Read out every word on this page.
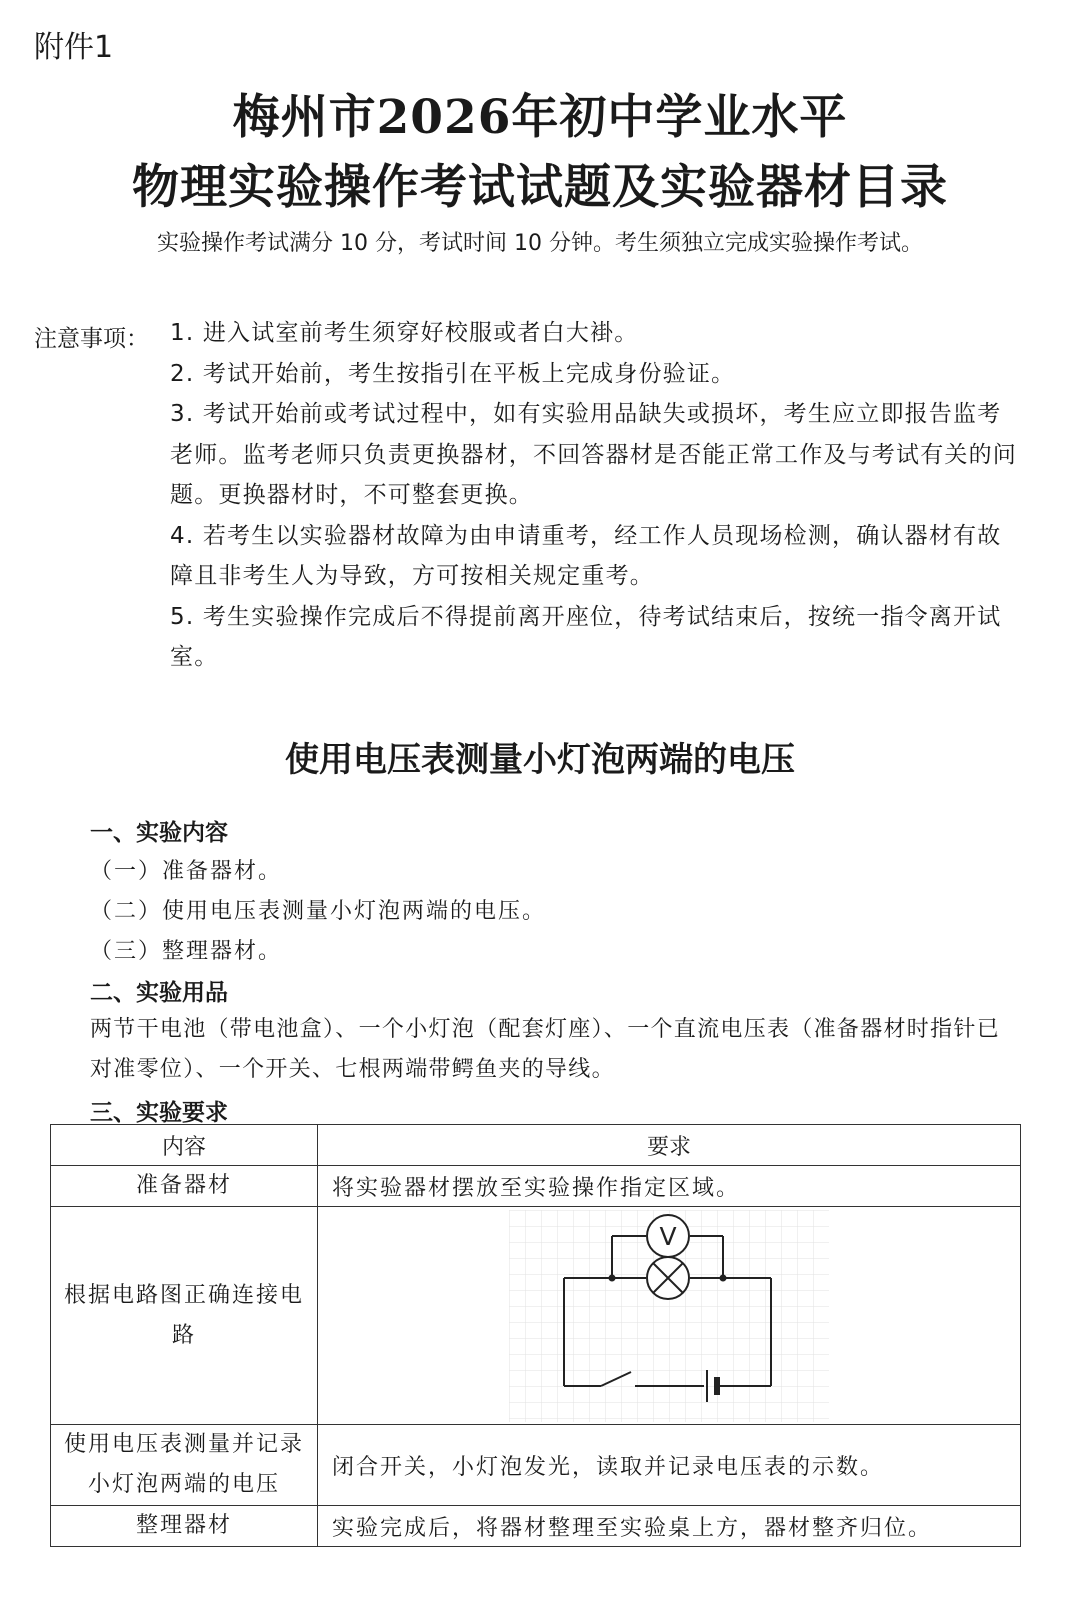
附件1
梅州市2026年初中学业水平
物理实验操作考试试题及实验器材目录
实验操作考试满分 10 分，考试时间 10 分钟。考生须独立完成实验操作考试。
注意事项： 1. 进入试室前考生须穿好校服或者白大褂。

2. 考试开始前，考生按指引在平板上完成身份验证。

3. 考试开始前或考试过程中，如有实验用品缺失或损坏，考生应立即报告监考老师。监考老师只负责更换器材，不回答器材是否能正常工作及与考试有关的问题。更换器材时，不可整套更换。

4. 若考生以实验器材故障为由申请重考，经工作人员现场检测，确认器材有故障且非考生人为导致，方可按相关规定重考。

5. 考生实验操作完成后不得提前离开座位，待考试结束后，按统一指令离开试室。

使用电压表测量小灯泡两端的电压
一、实验内容
（一）准备器材。
（二）使用电压表测量小灯泡两端的电压。
（三）整理器材。
二、实验用品
两节干电池（带电池盒）、一个小灯泡（配套灯座）、一个直流电压表（准备器材时指针已对准零位）、一个开关、七根两端带鳄鱼夹的导线。
三、实验要求
内容	要求
准备器材	将实验器材摆放至实验操作指定区域。
根据电路图正确连接电路	V

使用电压表测量并记录小灯泡两端的电压	闭合开关，小灯泡发光，读取并记录电压表的示数。
整理器材	实验完成后，将器材整理至实验桌上方，器材整齐归位。
